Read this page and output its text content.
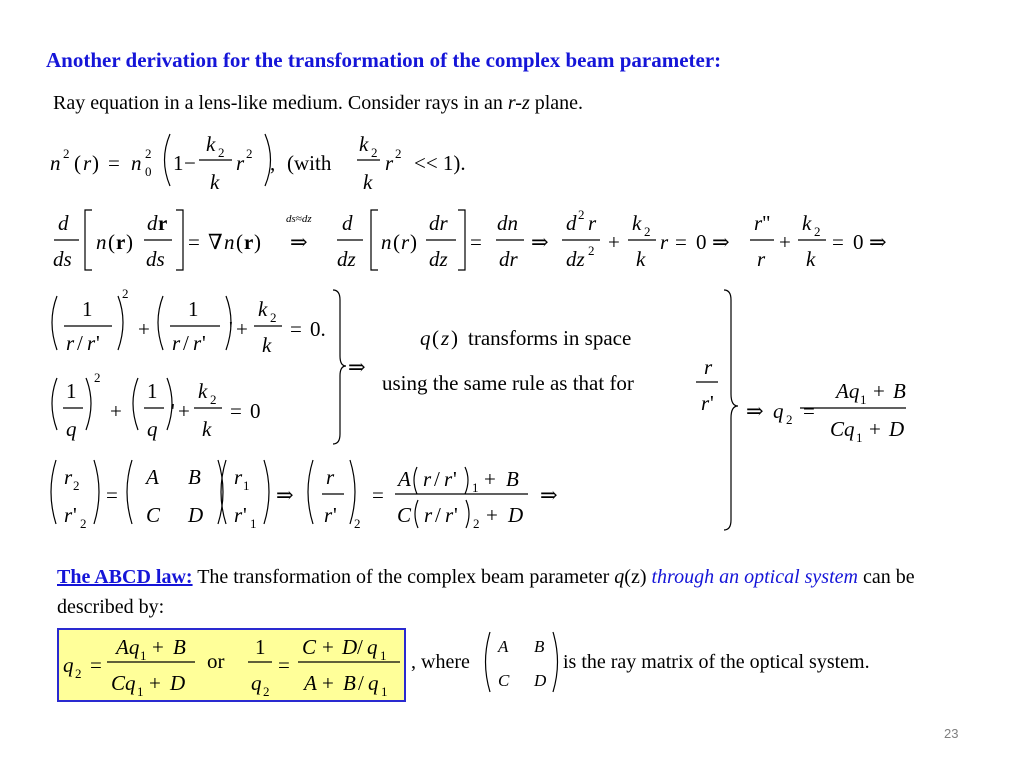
Another derivation for the transformation of the complex beam parameter:
Ray equation in a lens-like medium. Consider rays in an r-z plane.
n 2 ( r ) = n 2
0 1 −
k 2
k
r 2 , (with
k 2
k
r 2 << 1).
d
ds
n ( r )
d r
ds
= ∇ n ( r )
ds≈dz
⇒
d
dz
n ( r )
dr
dz
=
dn
dr
⇒
d 2 r
dz 2 +
k 2
k
r = 0 ⇒
r "
r
+
k 2
k
= 0 ⇒
1
r / r '
2
+
1
r / r '
' +
k 2
k
= 0.
1
q
2
+
1
q
' +
k 2
k
= 0
⇒
q ( z ) transforms in space
using the same rule as that for
r
r ' ⇒ q 2 =
Aq 1 + B
Cq 1 + D
r 2
r ' 2
=
A B
C D
r 1
r ' 1
⇒
r
r ' 2
=
A r / r ' 1 + B
C r / r ' 2 + D
⇒
q 2 =
Aq 1 + B
Cq 1 + D
or
1
q 2
=
C + D / q 1
A + B / q 1
A B
C D
The ABCD law: The transformation of the complex beam parameter q(z) through an optical system can be described by:
, where	is the ray matrix of the optical system.
23
